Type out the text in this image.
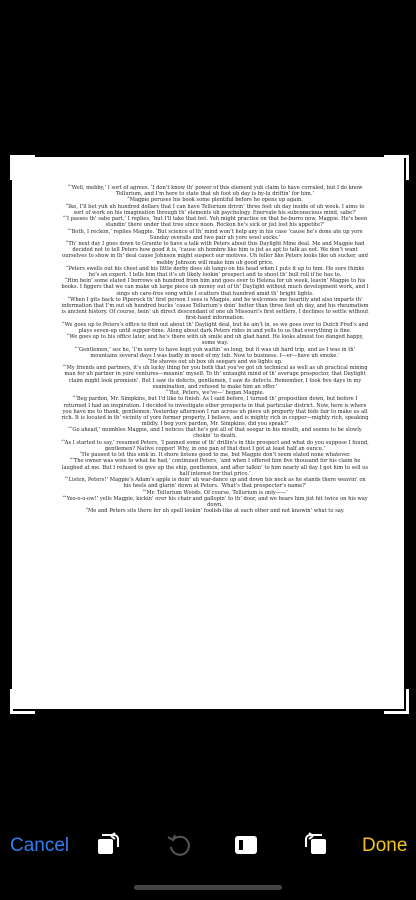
“‘Well, mebby,’ I sort of agrees. ‘I don’t know th’ power of this element yuh claim to have corraled, but I do know Tellurium, and I’m here to state that uh foot uh day is hy-lu driftin’ for him.’

“Magpie peruses his book some plentiful before he opens up again.

“Ike, I’ll bet yuh uh hundred dollars that I can have Tellurium drivin’ three feet uh day inside of uh week. I aims to sort of work on his imagination through th’ elements uh psychology. Enervate his subconscious mind, sabe?’

“‘I passes th’ sabe part,’ I replies, ‘but I’ll take that bet. Yuh might practise on that he-burro now, Magpie. He’s been standin’ there under that tree since noon. Reckon he’s sick or jist lost his appetite?’

“‘Both, I reckon,’ replies Magpie. ‘But science of th’ mind won’t help any in his case ’cause he’s done ate up yore Sunday overalls and two pair uh yore wool socks.’

“Th’ next day I goes down to Granite to have a talk with Peters about this Daylight Mine deal. Me and Magpie had decided not to tell Peters how good it is, ’cause uh hombre like him is jist as apt to talk as not. We don’t want ourselves to show in th’ deal cause Johnson might suspect our motives. Uh feller like Peters looks like uh sucker, and mebby Johnson will make him uh good price.

“Peters swells out his chest and his little derby does uh tango on his head when I puts it up to him. He sure thinks he’s an expert. I tells him that it’s uh likely lookin’ prospect and to shoot th’ bull roll if he has to.

“Him bein’ some elated I borrows uh hundred from him and goes over to Helena for uh week, leavin’ Magpie to his books. I figgers that we can make uh large piece uh money out of th’ Daylight without much development work, and I sings uh care-free song while I scatters that hundred amid th’ bright lights.

“When I gits back to Piperock th’ first person I sees is Magpie, and he welcomes me heartily and also imparts th’ information that I’m out uh hundred bucks ’cause Tellurium’s doin’ better than three feet uh day, and his rheumatism is ancient history. Of course, bein’ uh direct descendant of one uh Missouri’s first settlers, I declines to settle without first-hand information.

“We goes up to Peters’s office to find out about th’ Daylight deal, but he ain’t in, so we goes over to Dutch Fred’s and plays seven-up until supper-time. Along about dark Peters rides in and yells to us that everything is fine.

“We goes up to his office later, and he’s there with uh smile and uh glad hand. He looks almost too danged happy, some way.

“‘Gentlemen,’ sez he, ‘I’m sorry to have kept yuh waitin’ so long, but it was uh hard trip, and as I was in th’ mountains several days I was badly in need of my tub. Now to business. I—er—have uh smoke.’

“He shoves out uh box uh seegars and we lights up.

“‘My friends and partners, it’s uh lucky thing fer you both that you’ve got uh technical as well as uh practical mining man fer uh partner in yore ventures—meanin’ myself. To th’ untaught mind of th’ average prospector, that Daylight claim might look promisin’. But I saw its defects, gentlemen, I saw its defects. Remember, I took five days in my examination, and refused to make him an offer.’

“‘But, Peters, we’ve—’ began Magpie.

“‘Beg pardon, Mr. Simpkins, but I’d like to finish. As I said before, I turned th’ proposition down, but before I returned I had an inspiration. I decided to investigate other prospects in that particular district. Now, here is where you have me to thank, gentlemen. Yesterday afternoon I ran across uh piece uh property that bids fair to make us all rich. It is located in th’ vicinity of yore former property, I believe, and is mighty rich in copper—mighty rich, speaking mildly. I beg yore pardon, Mr. Simpkins, did you speak?’

“‘Go ahead,’ mumbles Magpie, and I notices that he’s got all of that seegar in his mouth, and seems to be slowly chokin’ to death.

“‘As I started to say,’ resumed Peters, ‘I panned some of th’ drillin’s in this prospect and what do you suppose I found, gentlemen? Native copper! Why, in one pan of that dust I got at least half an ounce.’

“He paused to let this sink in. It shore listens good to me, but Magpie don’t seem elated none whatever.

“‘The owner was wise to what he had,’ continued Peters, ‘and when I offered him five thousand for his claim he laughed at me. But I refused to give up the ship, gentlemen, and after talkin’ to him nearly all day I got him to sell us half interest for that price.’

“‘Listen, Peters!’ Magpie’s Adam’s apple is doin’ uh war-dance up and down his neck as he stands there weavin’ on his heels and glarin’ down at Peters. ‘What’s that prospector’s name?’

“‘Mr. Tellurium Woods. Of course, Tellurium is only——’

“‘Yeo-o-o-ow!’ yells Magpie, kickin’ over his chair and gallopin’ to th’ door, and we hears him jist hit twice on his way down.

“Me and Peters sits there fer uh spell lookin’ foolish-like at each other and not knowin’ what to say.

Cancel	Done
